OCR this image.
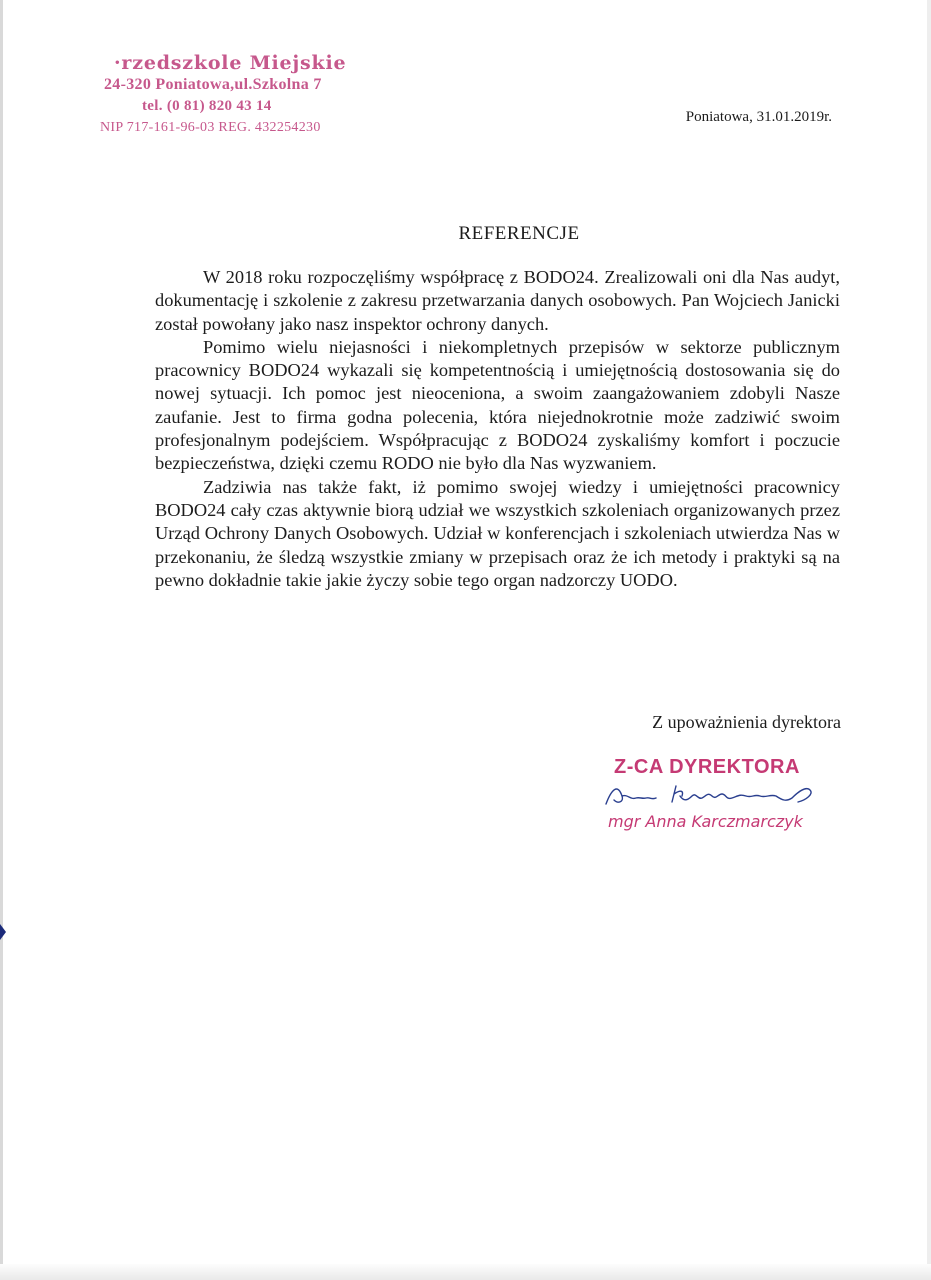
·rzedszkole Miejskie
24-320 Poniatowa,ul.Szkolna 7
tel. (0 81) 820 43 14
NIP 717-161-96-03 REG. 432254230
Poniatowa, 31.01.2019r.
REFERENCJE

W 2018 roku rozpoczęliśmy współpracę z BODO24. Zrealizowali oni dla Nas audyt, dokumentację i szkolenie z zakresu przetwarzania danych osobowych. Pan Wojciech Janicki został powołany jako nasz inspektor ochrony danych.

Pomimo wielu niejasności i niekompletnych przepisów w sektorze publicznym pracownicy BODO24 wykazali się kompetentnością i umiejętnością dostosowania się do nowej sytuacji. Ich pomoc jest nieoceniona, a swoim zaangażowaniem zdobyli Nasze zaufanie. Jest to firma godna polecenia, która niejednokrotnie może zadziwić swoim profesjonalnym podejściem. Współpracując z BODO24 zyskaliśmy komfort i poczucie bezpieczeństwa, dzięki czemu RODO nie było dla Nas wyzwaniem.

Zadziwia nas także fakt, iż pomimo swojej wiedzy i umiejętności pracownicy BODO24 cały czas aktywnie biorą udział we wszystkich szkoleniach organizowanych przez Urząd Ochrony Danych Osobowych. Udział w konferencjach i szkoleniach utwierdza Nas w przekonaniu, że śledzą wszystkie zmiany w przepisach oraz że ich metody i praktyki są na pewno dokładnie takie jakie życzy sobie tego organ nadzorczy UODO.

Z upoważnienia dyrektora
Z-CA DYREKTORA
mgr Anna Karczmarczyk
